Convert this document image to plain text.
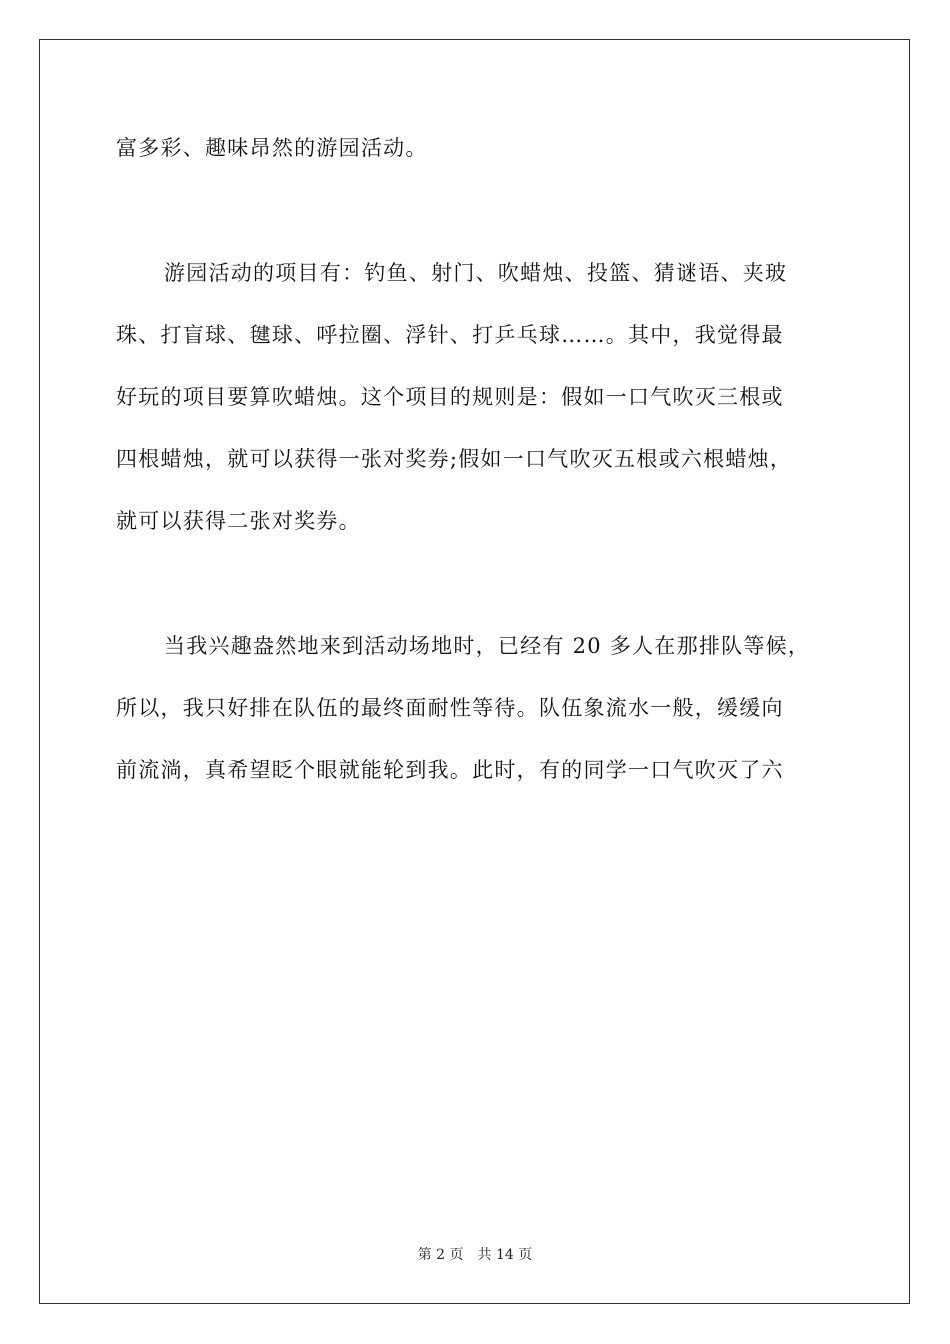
富多彩、趣味昂然的游园活动。

游园活动的项目有：钓鱼、射门、吹蜡烛、投篮、猜谜语、夹玻

珠、打盲球、毽球、呼拉圈、浮针、打乒乓球……。其中，我觉得最

好玩的项目要算吹蜡烛。这个项目的规则是：假如一口气吹灭三根或

四根蜡烛，就可以获得一张对奖券;假如一口气吹灭五根或六根蜡烛，

就可以获得二张对奖券。

当我兴趣盎然地来到活动场地时，已经有 20 多人在那排队等候，

所以，我只好排在队伍的最终面耐性等待。队伍象流水一般，缓缓向

前流淌，真希望眨个眼就能轮到我。此时，有的同学一口气吹灭了六

第 2 页 共 14 页
